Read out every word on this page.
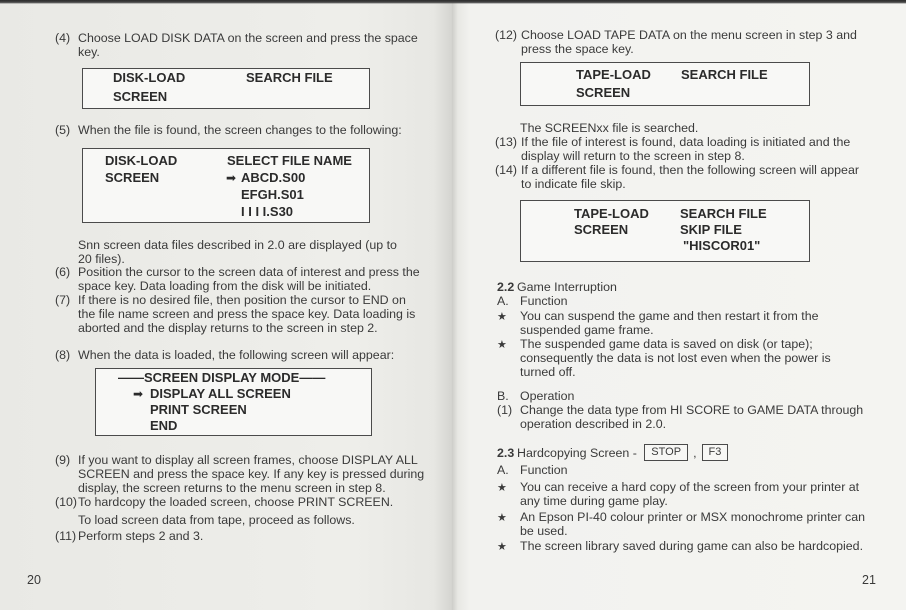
(4) Choose LOAD DISK DATA on the screen and press the space
key.
DISK-LOAD
SCREEN
SEARCH FILE
(5) When the file is found, the screen changes to the following:
DISK-LOAD
SCREEN
SELECT FILE NAME
➡
ABCD.S00
EFGH.S01
I I I I.S30
Snn screen data files described in 2.0 are displayed (up to
20 files).
(6) Position the cursor to the screen data of interest and press the
space key. Data loading from the disk will be initiated.
(7) If there is no desired file, then position the cursor to END on
the file name screen and press the space key. Data loading is
aborted and the display returns to the screen in step 2.
(8) When the data is loaded, the following screen will appear:
——SCREEN DISPLAY MODE——
➡
DISPLAY ALL SCREEN
PRINT SCREEN
END
(9) If you want to display all screen frames, choose DISPLAY ALL
SCREEN and press the space key. If any key is pressed during
display, the screen returns to the menu screen in step 8.
(10) To hardcopy the loaded screen, choose PRINT SCREEN.
To load screen data from tape, proceed as follows.
(11) Perform steps 2 and 3.
20
(12) Choose LOAD TAPE DATA on the menu screen in step 3 and
press the space key.
TAPE-LOAD
SCREEN
SEARCH FILE
The SCREENxx file is searched.
(13) If the file of interest is found, data loading is initiated and the
display will return to the screen in step 8.
(14) If a different file is found, then the following screen will appear
to indicate file skip.
TAPE-LOAD
SCREEN
SEARCH FILE
SKIP FILE
"HISCOR01"
2.2 Game Interruption
A. Function
★
You can suspend the game and then restart it from the
suspended game frame.
★
The suspended game data is saved on disk (or tape);
consequently the data is not lost even when the power is
turned off.
B. Operation
(1) Change the data type from HI SCORE to GAME DATA through
operation described in 2.0.
2.3 Hardcopying Screen - STOP , F3
A. Function
★
You can receive a hard copy of the screen from your printer at
any time during game play.
★
An Epson PI-40 colour printer or MSX monochrome printer can
be used.
★
The screen library saved during game can also be hardcopied.
21
